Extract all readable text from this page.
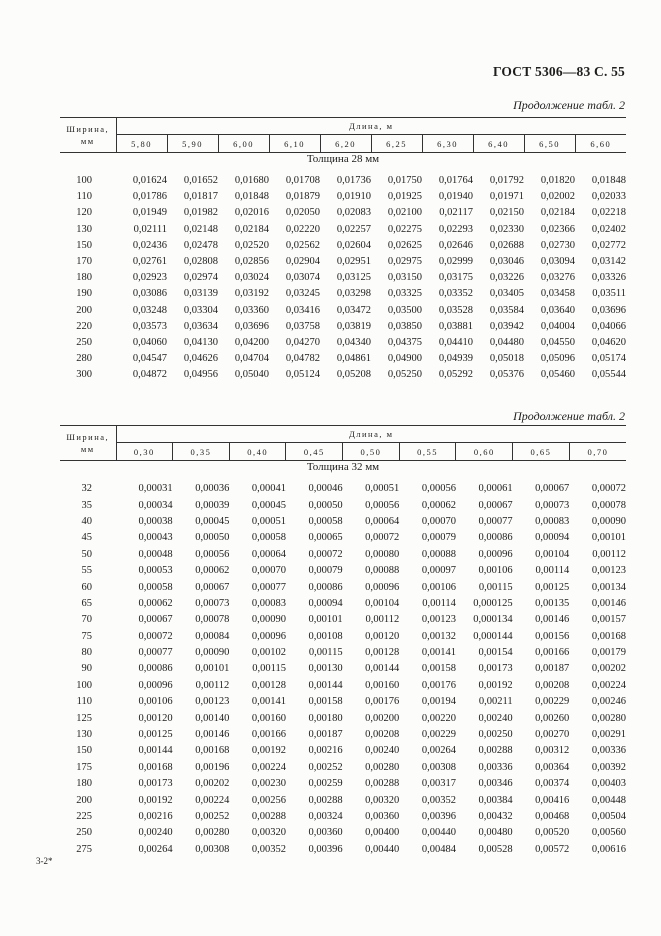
ГОСТ 5306—83 С. 55
Продолжение табл. 2
Ширина,
мм	Длина, м									
	5,80	5,90	6,00	6,10	6,20	6,25	6,30	6,40	6,50	6,60
Толщина 28 мм										

100	0,01624	0,01652	0,01680	0,01708	0,01736	0,01750	0,01764	0,01792	0,01820	0,01848
110	0,01786	0,01817	0,01848	0,01879	0,01910	0,01925	0,01940	0,01971	0,02002	0,02033
120	0,01949	0,01982	0,02016	0,02050	0,02083	0,02100	0,02117	0,02150	0,02184	0,02218
130	0,02111	0,02148	0,02184	0,02220	0,02257	0,02275	0,02293	0,02330	0,02366	0,02402
150	0,02436	0,02478	0,02520	0,02562	0,02604	0,02625	0,02646	0,02688	0,02730	0,02772
170	0,02761	0,02808	0,02856	0,02904	0,02951	0,02975	0,02999	0,03046	0,03094	0,03142
180	0,02923	0,02974	0,03024	0,03074	0,03125	0,03150	0,03175	0,03226	0,03276	0,03326
190	0,03086	0,03139	0,03192	0,03245	0,03298	0,03325	0,03352	0,03405	0,03458	0,03511
200	0,03248	0,03304	0,03360	0,03416	0,03472	0,03500	0,03528	0,03584	0,03640	0,03696
220	0,03573	0,03634	0,03696	0,03758	0,03819	0,03850	0,03881	0,03942	0,04004	0,04066
250	0,04060	0,04130	0,04200	0,04270	0,04340	0,04375	0,04410	0,04480	0,04550	0,04620
280	0,04547	0,04626	0,04704	0,04782	0,04861	0,04900	0,04939	0,05018	0,05096	0,05174
300	0,04872	0,04956	0,05040	0,05124	0,05208	0,05250	0,05292	0,05376	0,05460	0,05544
Продолжение табл. 2
Ширина,
мм	Длина, м								
	0,30	0,35	0,40	0,45	0,50	0,55	0,60	0,65	0,70
Толщина 32 мм									

32	0,00031	0,00036	0,00041	0,00046	0,00051	0,00056	0,00061	0,00067	0,00072
35	0,00034	0,00039	0,00045	0,00050	0,00056	0,00062	0,00067	0,00073	0,00078
40	0,00038	0,00045	0,00051	0,00058	0,00064	0,00070	0,00077	0,00083	0,00090
45	0,00043	0,00050	0,00058	0,00065	0,00072	0,00079	0,00086	0,00094	0,00101
50	0,00048	0,00056	0,00064	0,00072	0,00080	0,00088	0,00096	0,00104	0,00112
55	0,00053	0,00062	0,00070	0,00079	0,00088	0,00097	0,00106	0,00114	0,00123
60	0,00058	0,00067	0,00077	0,00086	0,00096	0,00106	0,00115	0,00125	0,00134
65	0,00062	0,00073	0,00083	0,00094	0,00104	0,00114	0,000125	0,00135	0,00146
70	0,00067	0,00078	0,00090	0,00101	0,00112	0,00123	0,000134	0,00146	0,00157
75	0,00072	0,00084	0,00096	0,00108	0,00120	0,00132	0,000144	0,00156	0,00168
80	0,00077	0,00090	0,00102	0,00115	0,00128	0,00141	0,00154	0,00166	0,00179
90	0,00086	0,00101	0,00115	0,00130	0,00144	0,00158	0,00173	0,00187	0,00202
100	0,00096	0,00112	0,00128	0,00144	0,00160	0,00176	0,00192	0,00208	0,00224
110	0,00106	0,00123	0,00141	0,00158	0,00176	0,00194	0,00211	0,00229	0,00246
125	0,00120	0,00140	0,00160	0,00180	0,00200	0,00220	0,00240	0,00260	0,00280
130	0,00125	0,00146	0,00166	0,00187	0,00208	0,00229	0,00250	0,00270	0,00291
150	0,00144	0,00168	0,00192	0,00216	0,00240	0,00264	0,00288	0,00312	0,00336
175	0,00168	0,00196	0,00224	0,00252	0,00280	0,00308	0,00336	0,00364	0,00392
180	0,00173	0,00202	0,00230	0,00259	0,00288	0,00317	0,00346	0,00374	0,00403
200	0,00192	0,00224	0,00256	0,00288	0,00320	0,00352	0,00384	0,00416	0,00448
225	0,00216	0,00252	0,00288	0,00324	0,00360	0,00396	0,00432	0,00468	0,00504
250	0,00240	0,00280	0,00320	0,00360	0,00400	0,00440	0,00480	0,00520	0,00560
275	0,00264	0,00308	0,00352	0,00396	0,00440	0,00484	0,00528	0,00572	0,00616
3-2*
